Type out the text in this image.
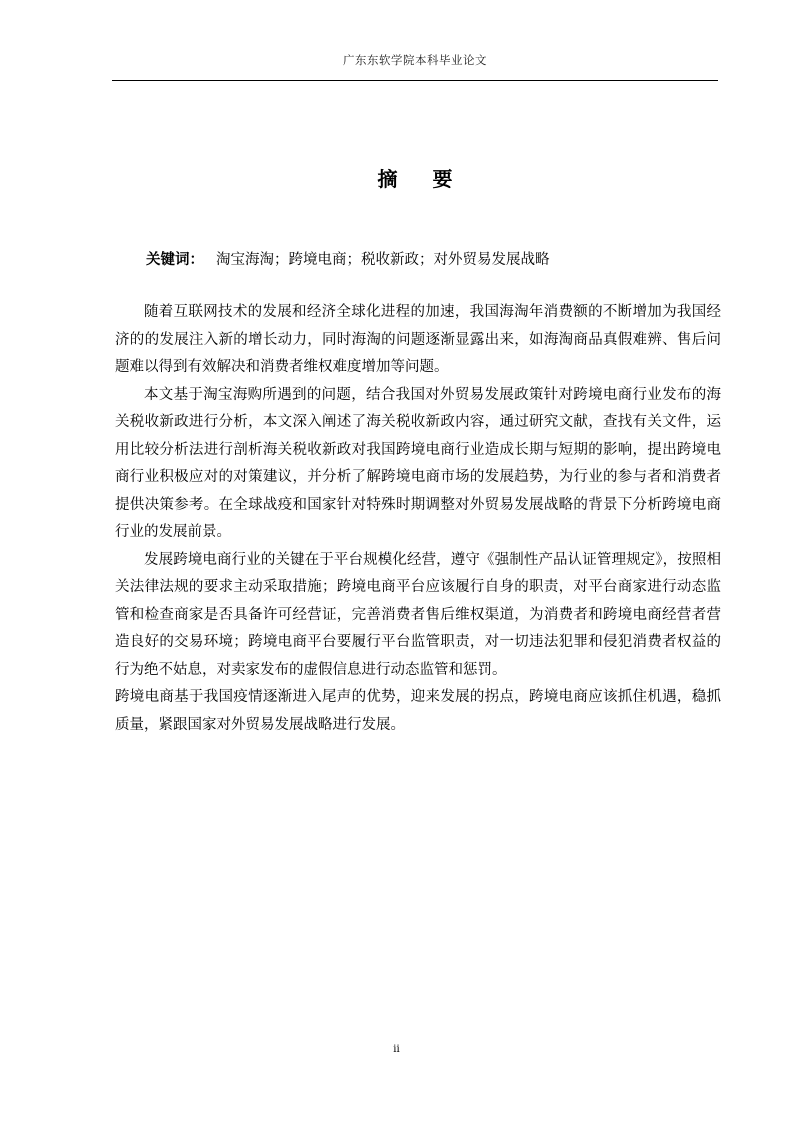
广东东软学院本科毕业论文
摘 要
关键词： 淘宝海淘；跨境电商；税收新政；对外贸易发展战略

随着互联网技术的发展和经济全球化进程的加速，我国海淘年消费额的不断增加为我国经济的的发展注入新的增长动力，同时海淘的问题逐渐显露出来，如海淘商品真假难辨、售后问题难以得到有效解决和消费者维权难度增加等问题。

本文基于淘宝海购所遇到的问题，结合我国对外贸易发展政策针对跨境电商行业发布的海关税收新政进行分析，本文深入阐述了海关税收新政内容，通过研究文献，查找有关文件，运用比较分析法进行剖析海关税收新政对我国跨境电商行业造成长期与短期的影响，提出跨境电商行业积极应对的对策建议，并分析了解跨境电商市场的发展趋势，为行业的参与者和消费者提供决策参考。在全球战疫和国家针对特殊时期调整对外贸易发展战略的背景下分析跨境电商行业的发展前景。

发展跨境电商行业的关键在于平台规模化经营，遵守《强制性产品认证管理规定》，按照相关法律法规的要求主动采取措施；跨境电商平台应该履行自身的职责，对平台商家进行动态监管和检查商家是否具备许可经营证，完善消费者售后维权渠道，为消费者和跨境电商经营者营造良好的交易环境；跨境电商平台要履行平台监管职责，对一切违法犯罪和侵犯消费者权益的行为绝不姑息，对卖家发布的虚假信息进行动态监管和惩罚。

跨境电商基于我国疫情逐渐进入尾声的优势，迎来发展的拐点，跨境电商应该抓住机遇，稳抓质量，紧跟国家对外贸易发展战略进行发展。

ii
